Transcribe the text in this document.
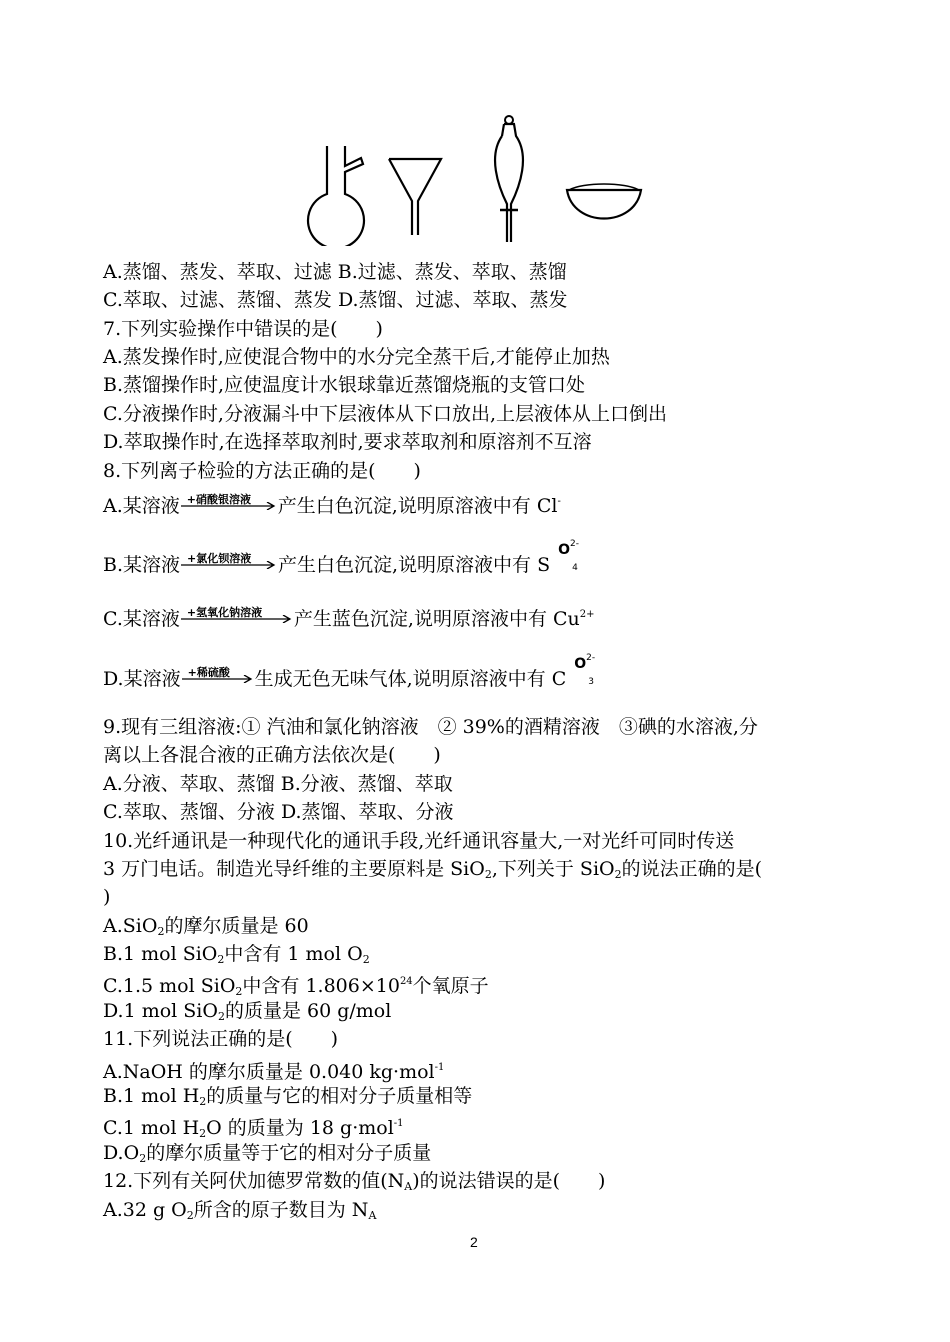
A.蒸馏、蒸发、萃取、过滤 B.过滤、蒸发、萃取、蒸馏
C.萃取、过滤、蒸馏、蒸发 D.蒸馏、过滤、萃取、蒸发
7.下列实验操作中错误的是(　　)
A.蒸发操作时,应使混合物中的水分完全蒸干后,才能停止加热
B.蒸馏操作时,应使温度计水银球靠近蒸馏烧瓶的支管口处
C.分液操作时,分液漏斗中下层液体从下口放出,上层液体从上口倒出
D.萃取操作时,在选择萃取剂时,要求萃取剂和原溶剂不互溶
8.下列离子检验的方法正确的是(　　)
A.某溶液 +硝酸银溶液 产生白色沉淀,说明原溶液中有 Cl-
B.某溶液 +氯化钡溶液 产生白色沉淀,说明原溶液中有 S
$O^{2-}$
$^4$
C.某溶液 +氢氧化钠溶液 产生蓝色沉淀,说明原溶液中有 $Cu^{2+}$
D.某溶液 +稀硫酸 生成无色无味气体,说明原溶液中有 C
$O^{2-}$
$^3$
9.现有三组溶液:① 汽油和氯化钠溶液　② 39%的酒精溶液　③碘的水溶液,分
离以上各混合液的正确方法依次是(　　)
A.分液、萃取、蒸馏 B.分液、蒸馏、萃取
C.萃取、蒸馏、分液 D.蒸馏、萃取、分液
10.光纤通讯是一种现代化的通讯手段,光纤通讯容量大,一对光纤可同时传送
3 万门电话。制造光导纤维的主要原料是 SiO$_2$,下列关于 SiO$_2$的说法正确的是(
)
A.SiO$_2$的摩尔质量是 60
B.1 mol SiO$_2$中含有 1 mol $O_2$
C.1.5 mol SiO$_2$中含有 $1.806\times 10^{24}$个氧原子
D.1 mol SiO$_2$的质量是 60 g/mol
11.下列说法正确的是(　　)
A.NaOH 的摩尔质量是 0.040 kg·mol$^{-1}$
B.1 mol $H_2$的质量与它的相对分子质量相等
C.1 mol $H_2O$ 的质量为 18 g·mol$^{-1}$
$D.O_2$的摩尔质量等于它的相对分子质量
12.下列有关阿伏加德罗常数的值$(N_A)$的说法错误的是(　　)
A.32 g $O_2$所含的原子数目为 $N_A$
2
